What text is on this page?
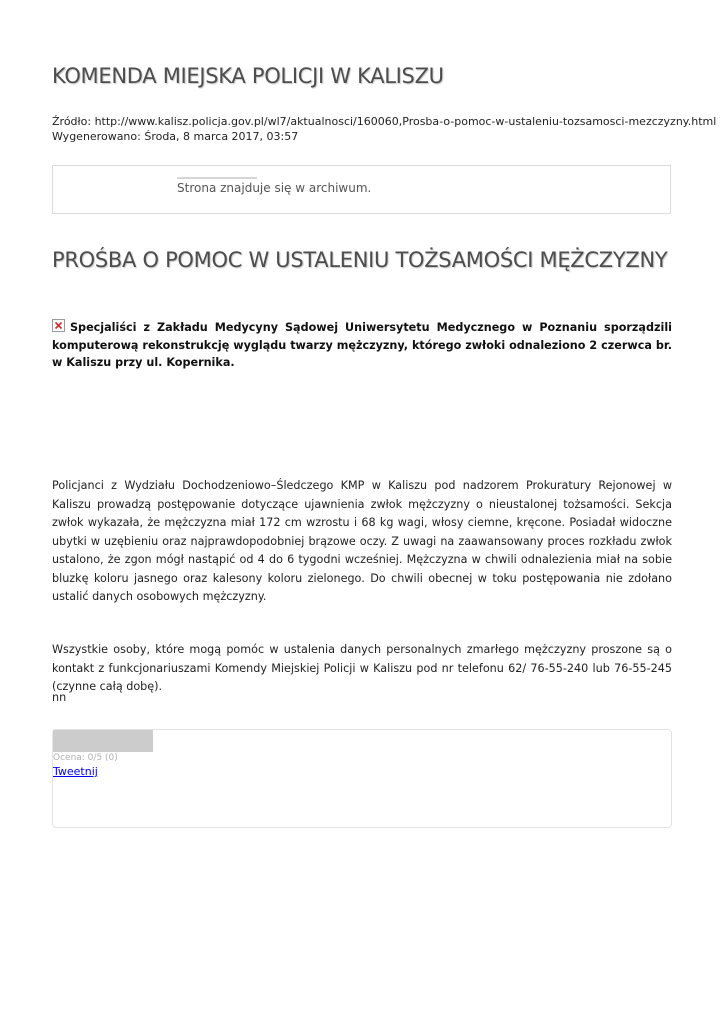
KOMENDA MIEJSKA POLICJI W KALISZU
Źródło: http://www.kalisz.policja.gov.pl/wl7/aktualnosci/160060,Prosba-o-pomoc-w-ustaleniu-tozsamosci-mezczyzny.html
Wygenerowano: Środa, 8 marca 2017, 03:57
Strona znajduje się w archiwum.
PROŚBA O POMOC W USTALENIU TOŻSAMOŚCI MĘŻCZYZNY
Specjaliści z Zakładu Medycyny Sądowej Uniwersytetu Medycznego w Poznaniu sporządzili komputerową rekonstrukcję wyglądu twarzy mężczyzny, którego zwłoki odnaleziono 2 czerwca br. w Kaliszu przy ul. Kopernika.
Policjanci z Wydziału Dochodzeniowo–Śledczego KMP w Kaliszu pod nadzorem Prokuratury Rejonowej w Kaliszu prowadzą postępowanie dotyczące ujawnienia zwłok mężczyzny o nieustalonej tożsamości. Sekcja zwłok wykazała, że mężczyzna miał 172 cm wzrostu i 68 kg wagi, włosy ciemne, kręcone. Posiadał widoczne ubytki w uzębieniu oraz najprawdopodobniej brązowe oczy. Z uwagi na zaawansowany proces rozkładu zwłok ustalono, że zgon mógł nastąpić od 4 do 6 tygodni wcześniej. Mężczyzna w chwili odnalezienia miał na sobie bluzkę koloru jasnego oraz kalesony koloru zielonego. Do chwili obecnej w toku postępowania nie zdołano ustalić danych osobowych mężczyzny.
Wszystkie osoby, które mogą pomóc w ustalenia danych personalnych zmarłego mężczyzny proszone są o kontakt z funkcjonariuszami Komendy Miejskiej Policji w Kaliszu pod nr telefonu 62/ 76-55-240 lub 76-55-245 (czynne całą dobę).
nn
Ocena: 0/5 (0)
Tweetnij
